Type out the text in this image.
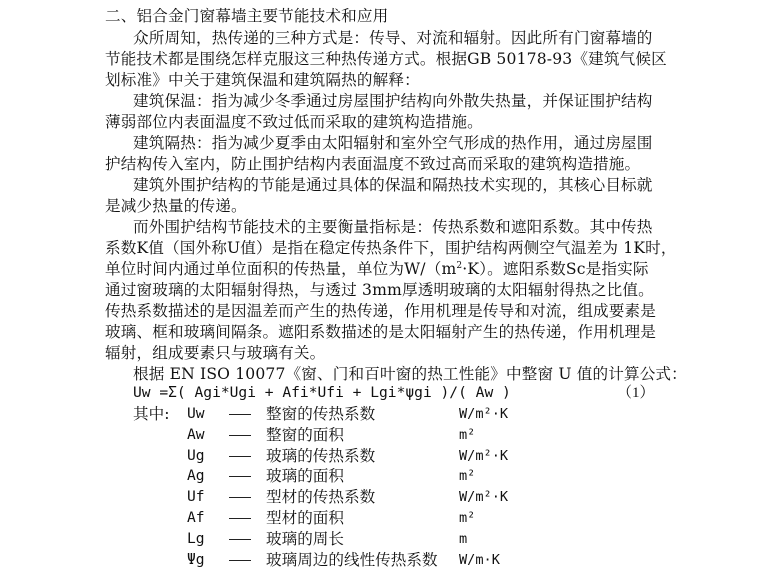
二、铝合金门窗幕墙主要节能技术和应用
众所周知，热传递的三种方式是：传导、对流和辐射。因此所有门窗幕墙的
节能技术都是围绕怎样克服这三种热传递方式。根据GB 50178-93《建筑气候区
划标准》中关于建筑保温和建筑隔热的解释：
建筑保温：指为减少冬季通过房屋围护结构向外散失热量，并保证围护结构
薄弱部位内表面温度不致过低而采取的建筑构造措施。
建筑隔热：指为减少夏季由太阳辐射和室外空气形成的热作用，通过房屋围
护结构传入室内，防止围护结构内表面温度不致过高而采取的建筑构造措施。
建筑外围护结构的节能是通过具体的保温和隔热技术实现的，其核心目标就
是减少热量的传递。
而外围护结构节能技术的主要衡量指标是：传热系数和遮阳系数。其中传热
系数K值（国外称U值）是指在稳定传热条件下，围护结构两侧空气温差为 1K时，
单位时间内通过单位面积的传热量，单位为$W/(m^2\cdot K)$。遮阳系数Sc是指实际
通过窗玻璃的太阳辐射得热，与透过 3mm厚透明玻璃的太阳辐射得热之比值。
传热系数描述的是因温差而产生的热传递，作用机理是传导和对流，组成要素是
玻璃、框和玻璃间隔条。遮阳系数描述的是太阳辐射产生的热传递，作用机理是
辐射，组成要素只与玻璃有关。
根据 EN ISO 10077《窗、门和百叶窗的热工性能》中整窗 U 值的计算公式：
Uw =Σ( Agi*Ugi + Afi*Ufi + Lgi*ψgi )/( Aw )	（1）
其中: Uw	整窗的传热系数	W/m²·K
Aw	整窗的面积	m²
Ug	玻璃的传热系数	W/m²·K
Ag	玻璃的面积	m²
Uf	型材的传热系数	W/m²·K
Af	型材的面积	m²
Lg	玻璃的周长	m
Ψg	玻璃周边的线性传热系数 W/m·K
